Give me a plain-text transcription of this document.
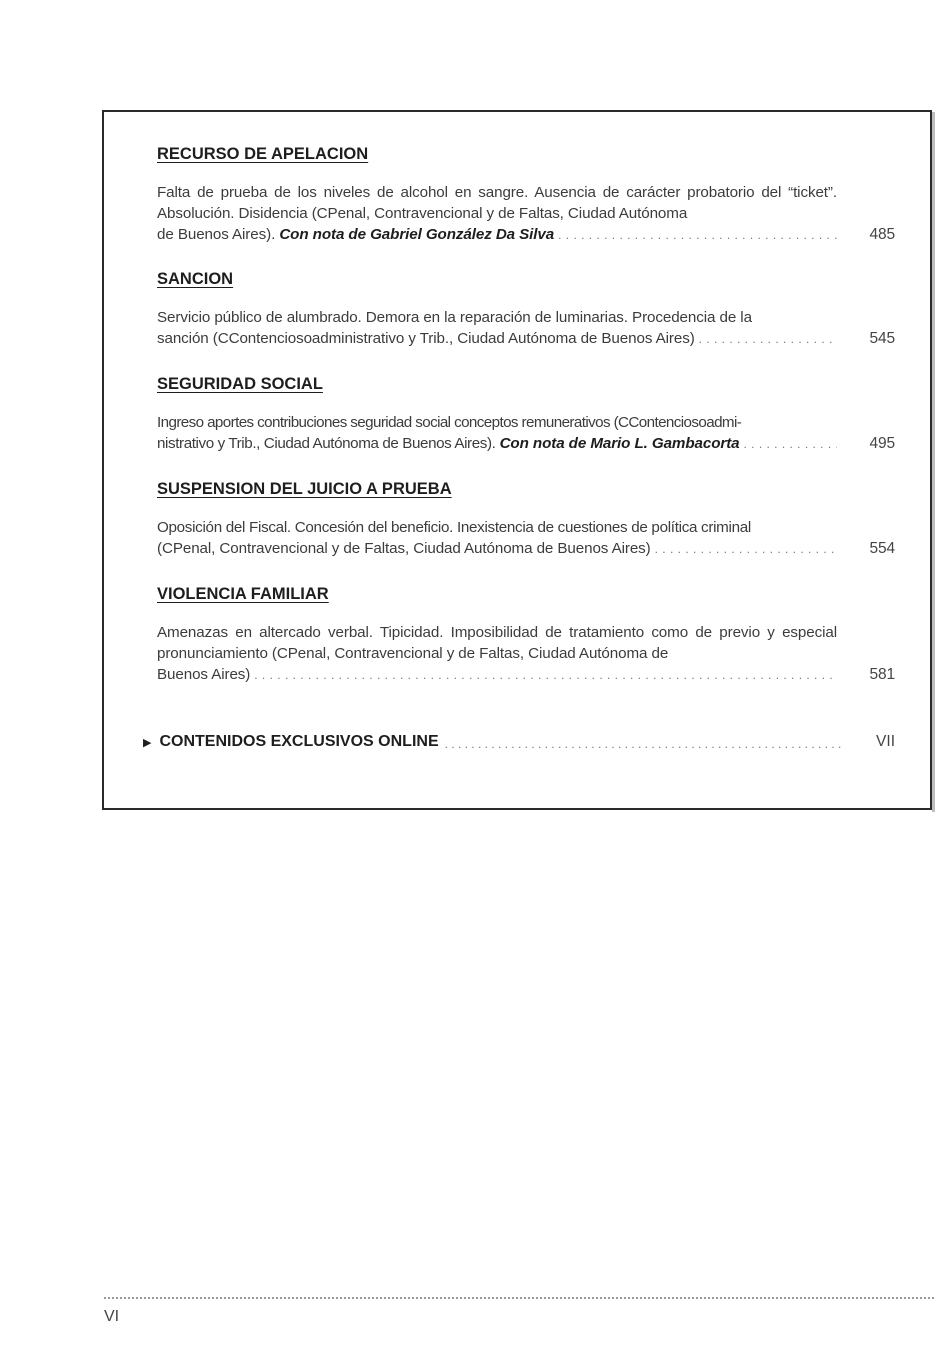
RECURSO DE APELACION
Falta de prueba de los niveles de alcohol en sangre. Ausencia de carácter probatorio del “ticket”. Absolución. Disidencia (CPenal, Contravencional y de Faltas, Ciudad Autónoma
de Buenos Aires).
Con nota de Gabriel González Da Silva . . .	485
SANCION
Servicio público de alumbrado. Demora en la reparación de luminarias. Procedencia de la
sanción (CContenciosoadministrativo y Trib., Ciudad Autónoma de Buenos Aires) . . .	545
SEGURIDAD SOCIAL
Ingreso aportes contribuciones seguridad social conceptos remunerativos (CContenciosoadmi-
nistrativo y Trib., Ciudad Autónoma de Buenos Aires).
Con nota de Mario L. Gambacorta . . .	495
SUSPENSION DEL JUICIO A PRUEBA
Oposición del Fiscal. Concesión del beneficio. Inexistencia de cuestiones de política criminal
(CPenal, Contravencional y de Faltas, Ciudad Autónoma de Buenos Aires) . . .	554
VIOLENCIA FAMILIAR
Amenazas en altercado verbal. Tipicidad. Imposibilidad de tratamiento como de previo y especial pronunciamiento (CPenal, Contravencional y de Faltas, Ciudad Autónoma de
Buenos Aires) . . .	581
▶ CONTENIDOS EXCLUSIVOS ONLINE . . . . . . . . . . . . . . . . . . . . . . . . . . . . . . . . . . . . . . . . . . . . . . . . . . . . . . . . . . . . VII
VI
